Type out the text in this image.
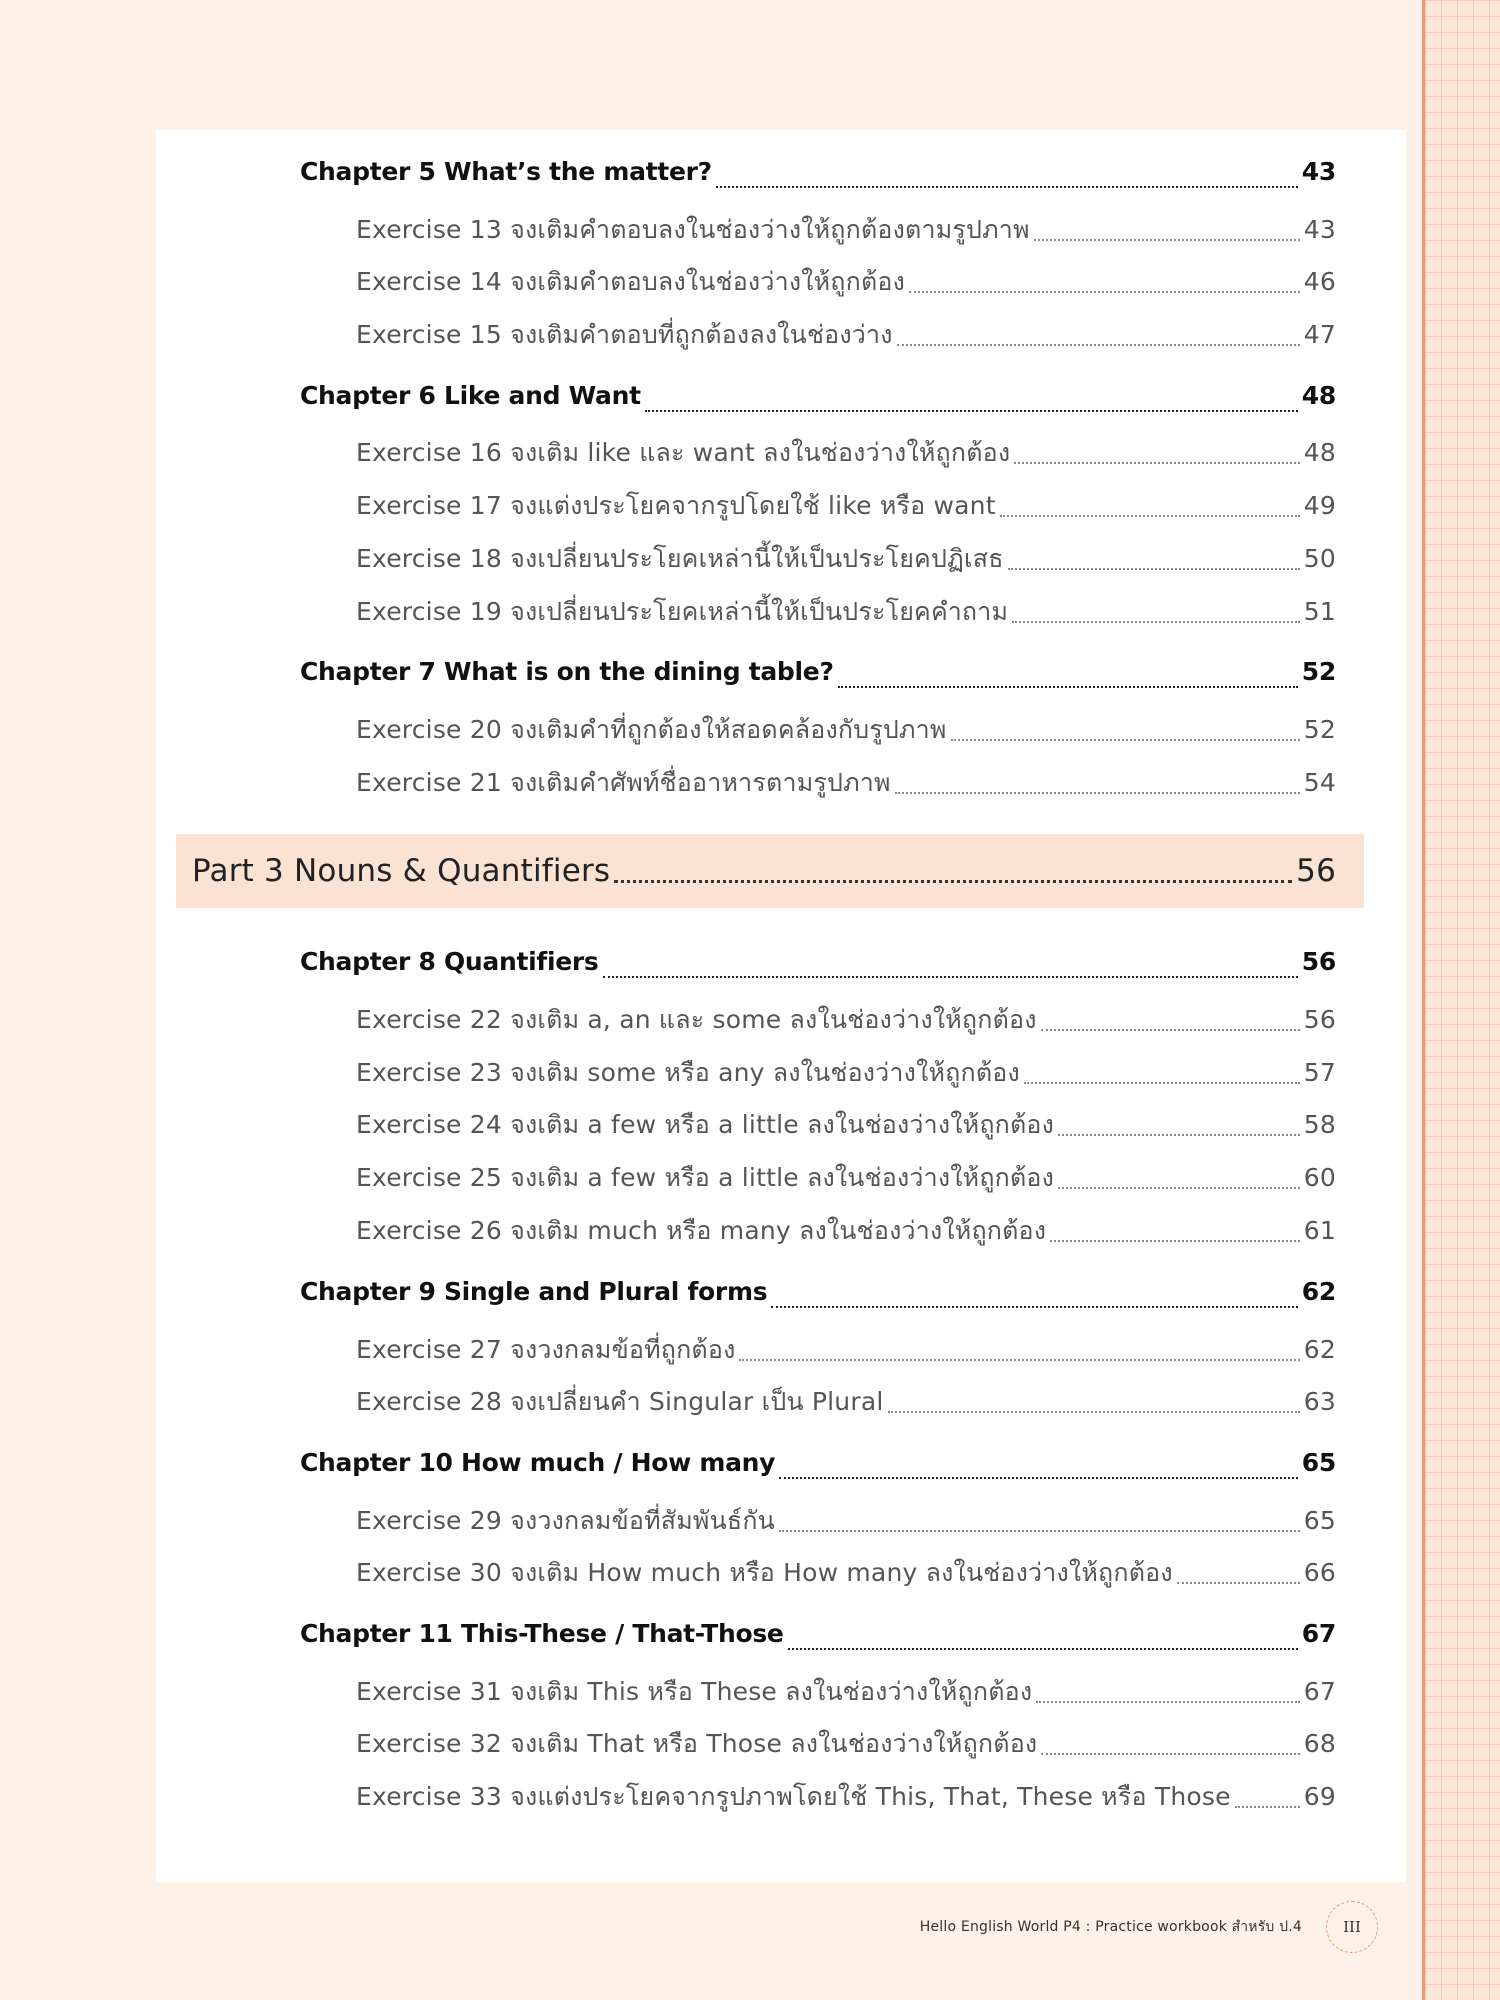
Chapter 5 What’s the matter?	43
Exercise 13 จงเติมคำตอบลงในช่องว่างให้ถูกต้องตามรูปภาพ	43
Exercise 14 จงเติมคำตอบลงในช่องว่างให้ถูกต้อง	46
Exercise 15 จงเติมคำตอบที่ถูกต้องลงในช่องว่าง	47
Chapter 6 Like and Want	48
Exercise 16 จงเติม like และ want ลงในช่องว่างให้ถูกต้อง	48
Exercise 17 จงแต่งประโยคจากรูปโดยใช้ like หรือ want	49
Exercise 18 จงเปลี่ยนประโยคเหล่านี้ให้เป็นประโยคปฏิเสธ	50
Exercise 19 จงเปลี่ยนประโยคเหล่านี้ให้เป็นประโยคคำถาม	51
Chapter 7 What is on the dining table?	52
Exercise 20 จงเติมคำที่ถูกต้องให้สอดคล้องกับรูปภาพ	52
Exercise 21 จงเติมคำศัพท์ชื่ออาหารตามรูปภาพ	54
Part 3 Nouns & Quantifiers	56
Chapter 8 Quantifiers	56
Exercise 22 จงเติม a, an และ some ลงในช่องว่างให้ถูกต้อง	56
Exercise 23 จงเติม some หรือ any ลงในช่องว่างให้ถูกต้อง	57
Exercise 24 จงเติม a few หรือ a little ลงในช่องว่างให้ถูกต้อง	58
Exercise 25 จงเติม a few หรือ a little ลงในช่องว่างให้ถูกต้อง	60
Exercise 26 จงเติม much หรือ many ลงในช่องว่างให้ถูกต้อง	61
Chapter 9 Single and Plural forms	62
Exercise 27 จงวงกลมข้อที่ถูกต้อง	62
Exercise 28 จงเปลี่ยนคำ Singular เป็น Plural	63
Chapter 10 How much / How many	65
Exercise 29 จงวงกลมข้อที่สัมพันธ์กัน	65
Exercise 30 จงเติม How much หรือ How many ลงในช่องว่างให้ถูกต้อง	66
Chapter 11 This-These / That-Those	67
Exercise 31 จงเติม This หรือ These ลงในช่องว่างให้ถูกต้อง	67
Exercise 32 จงเติม That หรือ Those ลงในช่องว่างให้ถูกต้อง	68
Exercise 33 จงแต่งประโยคจากรูปภาพโดยใช้ This, That, These หรือ Those	69
Hello English World P4 : Practice workbook สำหรับ ป.4	III
